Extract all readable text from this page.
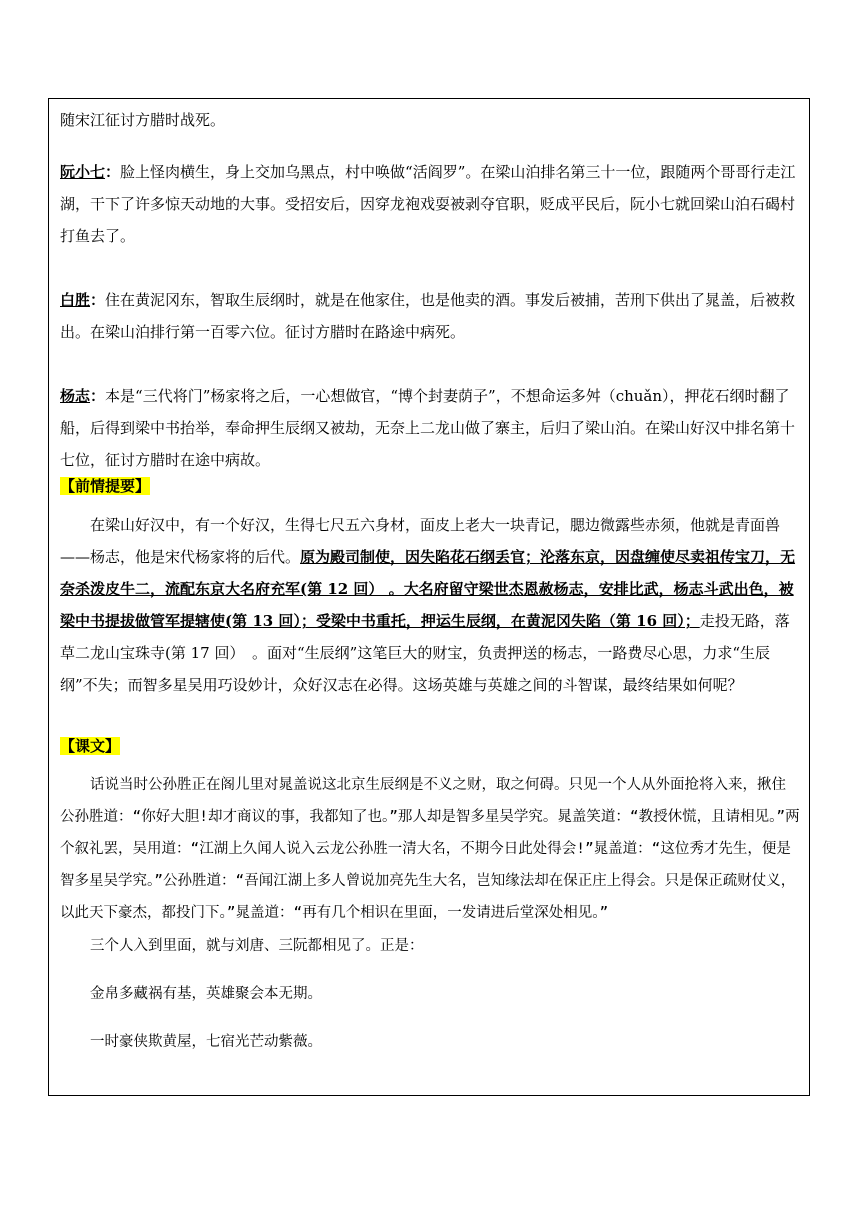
随宋江征讨方腊时战死。

阮小七：脸上怪肉横生，身上交加乌黑点，村中唤做“活阎罗”。在梁山泊排名第三十一位，跟随两个哥哥行走江湖，干下了许多惊天动地的大事。受招安后，因穿龙袍戏耍被剥夺官职，贬成平民后，阮小七就回梁山泊石碣村打鱼去了。

白胜：住在黄泥冈东，智取生辰纲时，就是在他家住，也是他卖的酒。事发后被捕，苦刑下供出了晁盖，后被救出。在梁山泊排行第一百零六位。征讨方腊时在路途中病死。

杨志：本是“三代将门”杨家将之后，一心想做官，“博个封妻荫子”，不想命运多舛（chuǎn），押花石纲时翻了船，后得到梁中书抬举，奉命押生辰纲又被劫，无奈上二龙山做了寨主，后归了梁山泊。在梁山好汉中排名第十七位，征讨方腊时在途中病故。

【前情提要】

在梁山好汉中，有一个好汉，生得七尺五六身材，面皮上老大一块青记，腮边微露些赤须，他就是青面兽——杨志，他是宋代杨家将的后代。原为殿司制使，因失陷花石纲丢官；沦落东京，因盘缠使尽卖祖传宝刀，无奈杀泼皮牛二，流配东京大名府充军(第 12 回） 。大名府留守梁世杰恩赦杨志，安排比武，杨志斗武出色，被梁中书提拔做管军提辖使(第 13 回）；受梁中书重托，押运生辰纲，在黄泥冈失陷（第 16 回）；走投无路，落草二龙山宝珠寺(第 17 回）　。面对“生辰纲”这笔巨大的财宝，负责押送的杨志，一路费尽心思，力求“生辰纲”不失；而智多星吴用巧设妙计，众好汉志在必得。这场英雄与英雄之间的斗智谋，最终结果如何呢？

【课文】

话说当时公孙胜正在阁儿里对晁盖说这北京生辰纲是不义之财，取之何碍。只见一个人从外面抢将入来，揪住公孙胜道：“你好大胆!却才商议的事，我都知了也。”那人却是智多星吴学究。晁盖笑道：“教授休慌，且请相见。”两个叙礼罢，吴用道：“江湖上久闻人说入云龙公孙胜一清大名，不期今日此处得会!”晁盖道：“这位秀才先生，便是智多星吴学究。”公孙胜道：“吾闻江湖上多人曾说加亮先生大名，岂知缘法却在保正庄上得会。只是保正疏财仗义，以此天下豪杰，都投门下。”晁盖道：“再有几个相识在里面，一发请进后堂深处相见。”

三个人入到里面，就与刘唐、三阮都相见了。正是：

金帛多藏祸有基，英雄聚会本无期。

一时豪侠欺黄屋，七宿光芒动紫薇。
